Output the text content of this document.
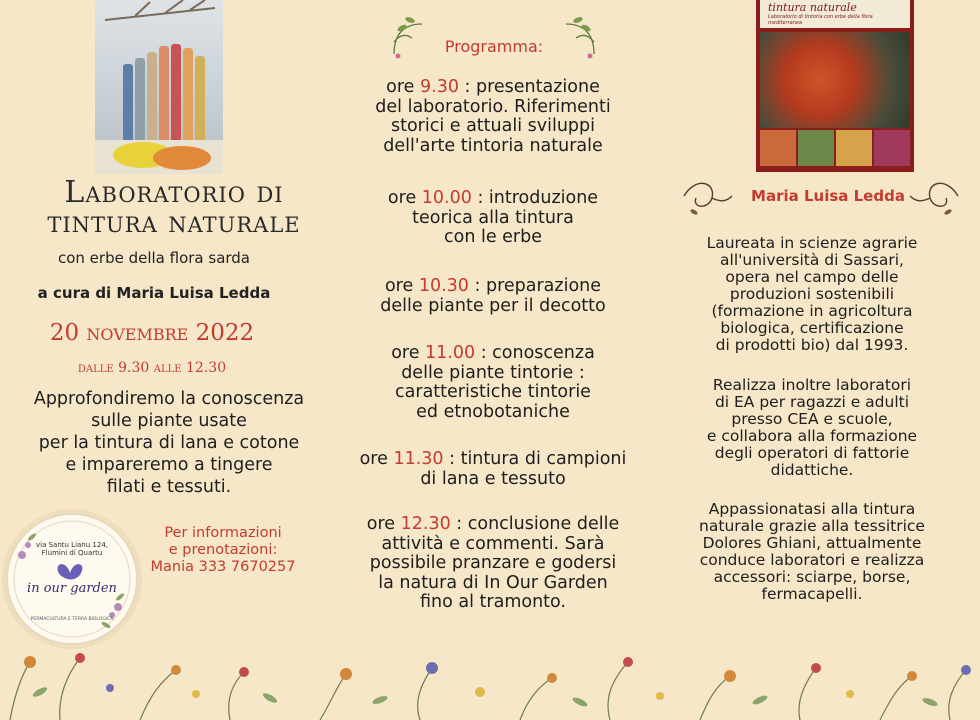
Laboratorio di
tintura naturale
con erbe della flora sarda
a cura di Maria Luisa Ledda
20 novembre 2022
dalle 9.30 alle 12.30
Approfondiremo la conoscenza
sulle piante usate
per la tintura di lana e cotone
e impareremo a tingere
filati e tessuti.
via Santu Lianu 124,
Flumini di Quartu
in our garden
PERMACULTURA E TERRA BIOLOGICA
Per informazioni
e prenotazioni:
Mania 333 7670257
Programma:
ore 9.30 : presentazione
del laboratorio. Riferimenti
storici e attuali sviluppi
dell'arte tintoria naturale
ore 10.00 : introduzione
teorica alla tintura
con le erbe
ore 10.30 : preparazione
delle piante per il decotto
ore 11.00 : conoscenza
delle piante tintorie :
caratteristiche tintorie
ed etnobotaniche
ore 11.30 : tintura di campioni
di lana e tessuto
ore 12.30 : conclusione delle
attività e commenti. Sarà
possibile pranzare e godersi
la natura di In Our Garden
fino al tramonto.
tintura naturale
Laboratorio di tintoria con erbe della flora mediterranea
Maria Luisa Ledda
Laureata in scienze agrarie
all'università di Sassari,
opera nel campo delle
produzioni sostenibili
(formazione in agricoltura
biologica, certificazione
di prodotti bio) dal 1993.
Realizza inoltre laboratori
di EA per ragazzi e adulti
presso CEA e scuole,
e collabora alla formazione
degli operatori di fattorie
didattiche.
Appassionatasi alla tintura
naturale grazie alla tessitrice
Dolores Ghiani, attualmente
conduce laboratori e realizza
accessori: sciarpe, borse,
fermacapelli.
